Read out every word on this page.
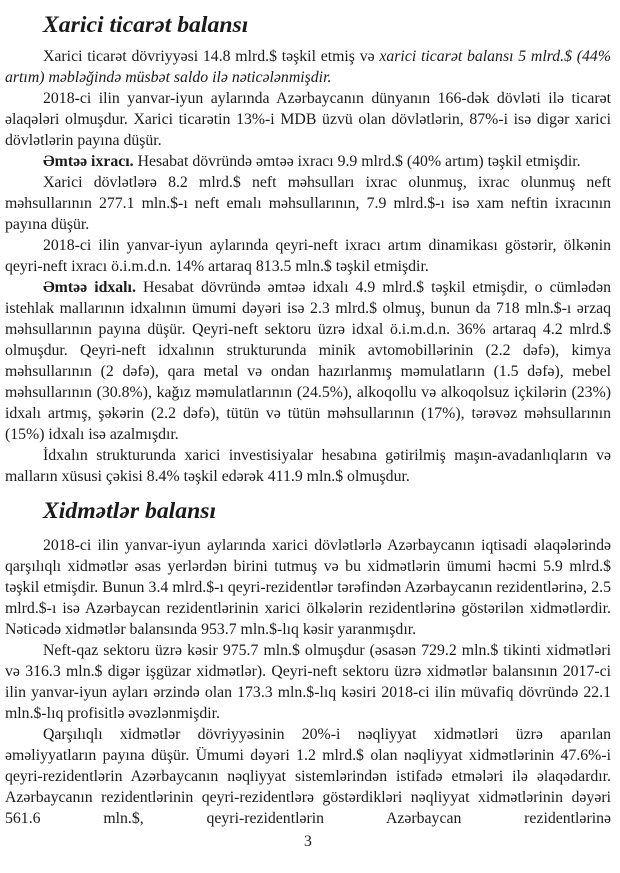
Xarici ticarət balansı

Xarici ticarət dövriyyəsi 14.8 mlrd.$ təşkil etmiş və xarici ticarət balansı 5 mlrd.$ (44% artım) məbləğində müsbət saldo ilə nəticələnmişdir.

2018-ci ilin yanvar-iyun aylarında Azərbaycanın dünyanın 166-dək dövləti ilə ticarət əlaqələri olmuşdur. Xarici ticarətin 13%-i MDB üzvü olan dövlətlərin, 87%-i isə digər xarici dövlətlərin payına düşür.

Əmtəə ixracı. Hesabat dövründə əmtəə ixracı 9.9 mlrd.$ (40% artım) təşkil etmişdir.

Xarici dövlətlərə 8.2 mlrd.$ neft məhsulları ixrac olunmuş, ixrac olunmuş neft məhsullarının 277.1 mln.$-ı neft emalı məhsullarının, 7.9 mlrd.$-ı isə xam neftin ixracının payına düşür.

2018-ci ilin yanvar-iyun aylarında qeyri-neft ixracı artım dinamikası göstərir, ölkənin qeyri-neft ixracı ö.i.m.d.n. 14% artaraq 813.5 mln.$ təşkil etmişdir.

Əmtəə idxalı. Hesabat dövründə əmtəə idxalı 4.9 mlrd.$ təşkil etmişdir, o cümlədən istehlak mallarının idxalının ümumi dəyəri isə 2.3 mlrd.$ olmuş, bunun da 718 mln.$-ı ərzaq məhsullarının payına düşür. Qeyri-neft sektoru üzrə idxal ö.i.m.d.n. 36% artaraq 4.2 mlrd.$ olmuşdur. Qeyri-neft idxalının strukturunda minik avtomobillərinin (2.2 dəfə), kimya məhsullarının (2 dəfə), qara metal və ondan hazırlanmış məmulatların (1.5 dəfə), mebel məhsullarının (30.8%), kağız məmulatlarının (24.5%), alkoqollu və alkoqolsuz içkilərin (23%) idxalı artmış, şəkərin (2.2 dəfə), tütün və tütün məhsullarının (17%), tərəvəz məhsullarının (15%) idxalı isə azalmışdır.

İdxalın strukturunda xarici investisiyalar hesabına gətirilmiş maşın-avadanlıqların və malların xüsusi çəkisi 8.4% təşkil edərək 411.9 mln.$ olmuşdur.

Xidmətlər balansı

2018-ci ilin yanvar-iyun aylarında xarici dövlətlərlə Azərbaycanın iqtisadi əlaqələrində qarşılıqlı xidmətlər əsas yerlərdən birini tutmuş və bu xidmətlərin ümumi həcmi 5.9 mlrd.$ təşkil etmişdir. Bunun 3.4 mlrd.$-ı qeyri-rezidentlər tərəfindən Azərbaycanın rezidentlərinə, 2.5 mlrd.$-ı isə Azərbaycan rezidentlərinin xarici ölkələrin rezidentlərinə göstərilən xidmətlərdir. Nəticədə xidmətlər balansında 953.7 mln.$-lıq kəsir yaranmışdır.

Neft-qaz sektoru üzrə kəsir 975.7 mln.$ olmuşdur (əsasən 729.2 mln.$ tikinti xidmətləri və 316.3 mln.$ digər işgüzar xidmətlər). Qeyri-neft sektoru üzrə xidmətlər balansının 2017-ci ilin yanvar-iyun ayları ərzində olan 173.3 mln.$-lıq kəsiri 2018-ci ilin müvafiq dövründə 22.1 mln.$-lıq profisitlə əvəzlənmişdir.

Qarşılıqlı xidmətlər dövriyyəsinin 20%-i nəqliyyat xidmətləri üzrə aparılan əməliyyatların payına düşür. Ümumi dəyəri 1.2 mlrd.$ olan nəqliyyat xidmətlərinin 47.6%-i qeyri-rezidentlərin Azərbaycanın nəqliyyat sistemlərindən istifadə etmələri ilə əlaqədardır. Azərbaycanın rezidentlərinin qeyri-rezidentlərə göstərdikləri nəqliyyat xidmətlərinin dəyəri 561.6 mln.$, qeyri-rezidentlərin Azərbaycan rezidentlərinə

3
